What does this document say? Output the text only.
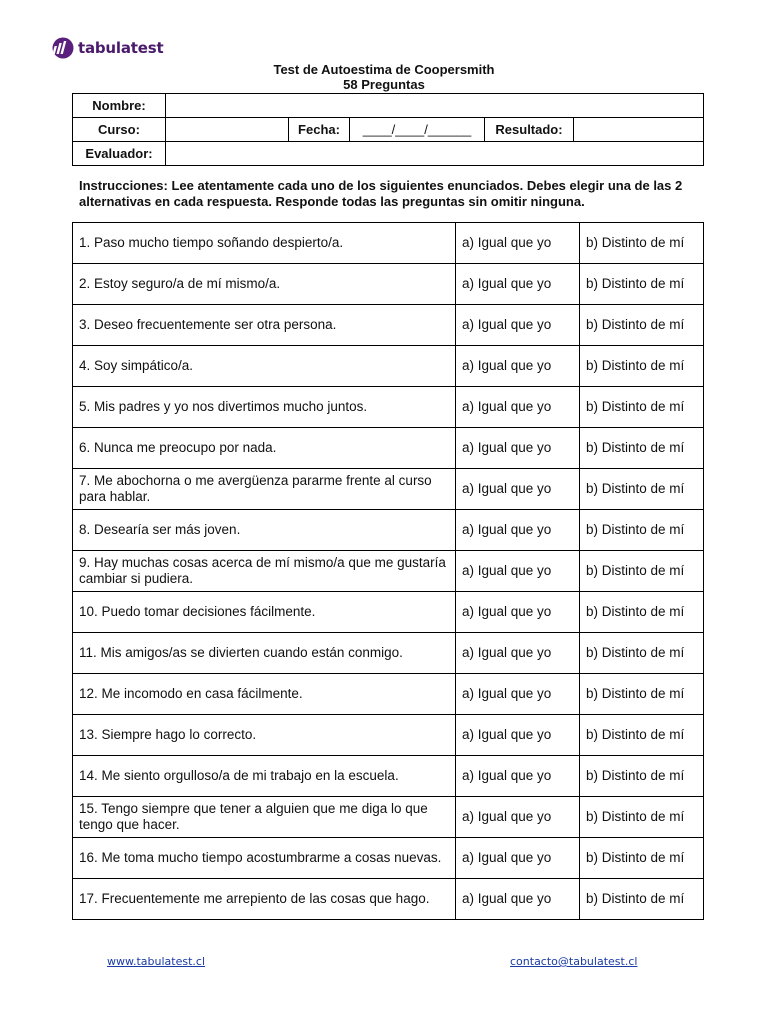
tabulatest
Test de Autoestima de Coopersmith
58 Preguntas
Nombre:					
Curso:		Fecha:	____/____/______	Resultado:	
Evaluador:					
Instrucciones: Lee atentamente cada uno de los siguientes enunciados. Debes elegir una de las 2 alternativas en cada respuesta. Responde todas las preguntas sin omitir ninguna.
1. Paso mucho tiempo soñando despierto/a.	a) Igual que yo	b) Distinto de mí
2. Estoy seguro/a de mí mismo/a.	a) Igual que yo	b) Distinto de mí
3. Deseo frecuentemente ser otra persona.	a) Igual que yo	b) Distinto de mí
4. Soy simpático/a.	a) Igual que yo	b) Distinto de mí
5. Mis padres y yo nos divertimos mucho juntos.	a) Igual que yo	b) Distinto de mí
6. Nunca me preocupo por nada.	a) Igual que yo	b) Distinto de mí
7. Me abochorna o me avergüenza pararme frente al curso para hablar.	a) Igual que yo	b) Distinto de mí
8. Desearía ser más joven.	a) Igual que yo	b) Distinto de mí
9. Hay muchas cosas acerca de mí mismo/a que me gustaría cambiar si pudiera.	a) Igual que yo	b) Distinto de mí
10. Puedo tomar decisiones fácilmente.	a) Igual que yo	b) Distinto de mí
11. Mis amigos/as se divierten cuando están conmigo.	a) Igual que yo	b) Distinto de mí
12. Me incomodo en casa fácilmente.	a) Igual que yo	b) Distinto de mí
13. Siempre hago lo correcto.	a) Igual que yo	b) Distinto de mí
14. Me siento orgulloso/a de mi trabajo en la escuela.	a) Igual que yo	b) Distinto de mí
15. Tengo siempre que tener a alguien que me diga lo que tengo que hacer.	a) Igual que yo	b) Distinto de mí
16. Me toma mucho tiempo acostumbrarme a cosas nuevas.	a) Igual que yo	b) Distinto de mí
17. Frecuentemente me arrepiento de las cosas que hago.	a) Igual que yo	b) Distinto de mí
www.tabulatest.cl	contacto@tabulatest.cl
